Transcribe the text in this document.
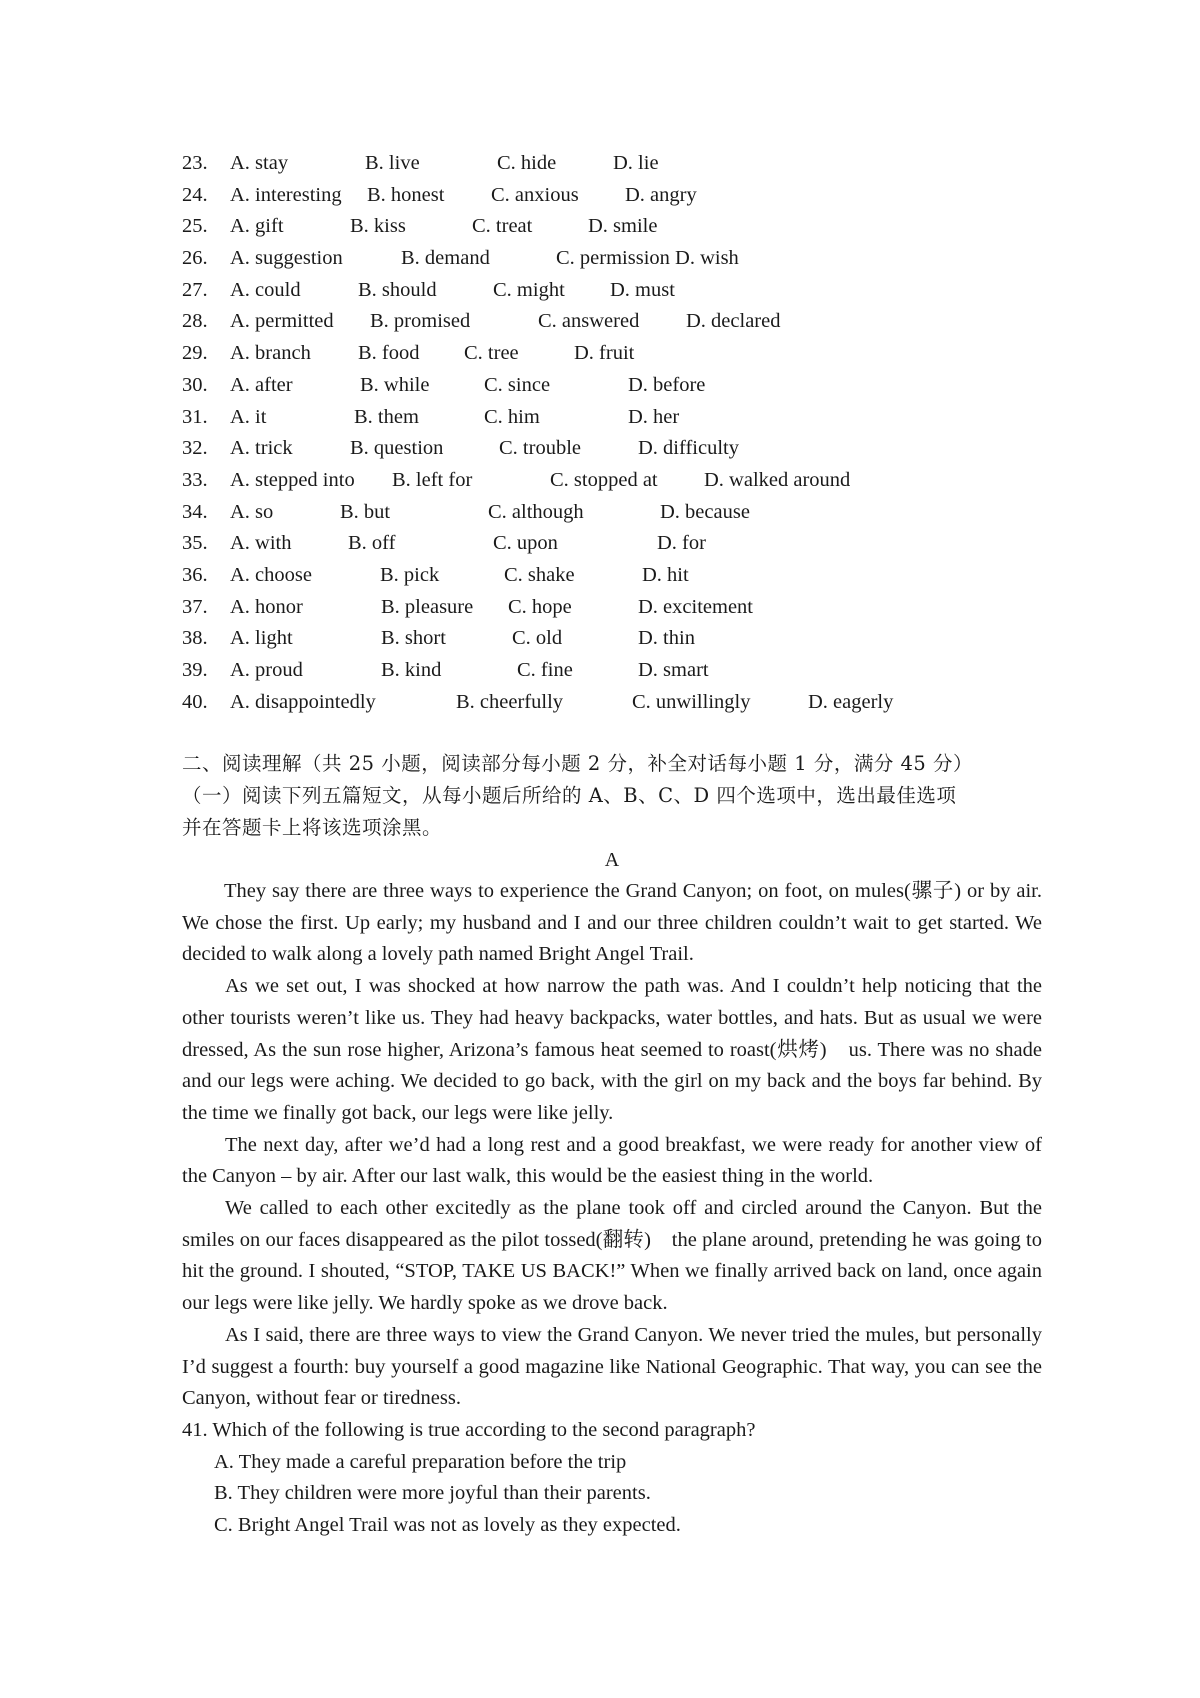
23. A. stay	B. live	C. hide	D. lie
24. A. interesting B. honest C. anxious D. angry
25. A. gift	B. kiss	C. treat	D. smile
26. A. suggestion	B. demand	C. permission D. wish
27. A. could	B. should	C. might D. must
28. A. permitted B. promised	C. answered D. declared
29. A. branch B. food C. tree	D. fruit
30. A. after	B. while	C. since	D. before
31. A. it	B. them	C. him	D. her
32. A. trick	B. question	C. trouble	D. difficulty
33. A. stepped into B. left for	C. stopped at D. walked around
34. A. so	B. but	C. although	D. because
35. A. with	B. off	C. upon	D. for
36. A. choose	B. pick	C. shake	D. hit
37. A. honor	B. pleasure C. hope	D. excitement
38. A. light	B. short	C. old	D. thin
39. A. proud	B. kind	C. fine	D. smart
40. A. disappointedly	B. cheerfully	C. unwillingly	D. eagerly
二、阅读理解（共 25 小题，阅读部分每小题 2 分，补全对话每小题 1 分，满分 45 分）
（一）阅读下列五篇短文，从每小题后所给的 A、B、C、D 四个选项中，选出最佳选项
并在答题卡上将该选项涂黑。
A

They say there are three ways to experience the Grand Canyon; on foot, on mules(骡子) or by air. We chose the first. Up early; my husband and I and our three children couldn’t wait to get started. We decided to walk along a lovely path named Bright Angel Trail.

As we set out, I was shocked at how narrow the path was. And I couldn’t help noticing that the other tourists weren’t like us. They had heavy backpacks, water bottles, and hats. But as usual we were dressed, As the sun rose higher, Arizona’s famous heat seemed to roast(烘烤)　us. There was no shade and our legs were aching. We decided to go back, with the girl on my back and the boys far behind. By the time we finally got back, our legs were like jelly.

The next day, after we’d had a long rest and a good breakfast, we were ready for another view of the Canyon – by air. After our last walk, this would be the easiest thing in the world.

We called to each other excitedly as the plane took off and circled around the Canyon. But the smiles on our faces disappeared as the pilot tossed(翻转)　the plane around, pretending he was going to hit the ground. I shouted, “STOP, TAKE US BACK!” When we finally arrived back on land, once again our legs were like jelly. We hardly spoke as we drove back.

As I said, there are three ways to view the Grand Canyon. We never tried the mules, but personally I’d suggest a fourth: buy yourself a good magazine like National Geographic. That way, you can see the Canyon, without fear or tiredness.

41. Which of the following is true according to the second paragraph?

A. They made a careful preparation before the trip

B. They children were more joyful than their parents.

C. Bright Angel Trail was not as lovely as they expected.
